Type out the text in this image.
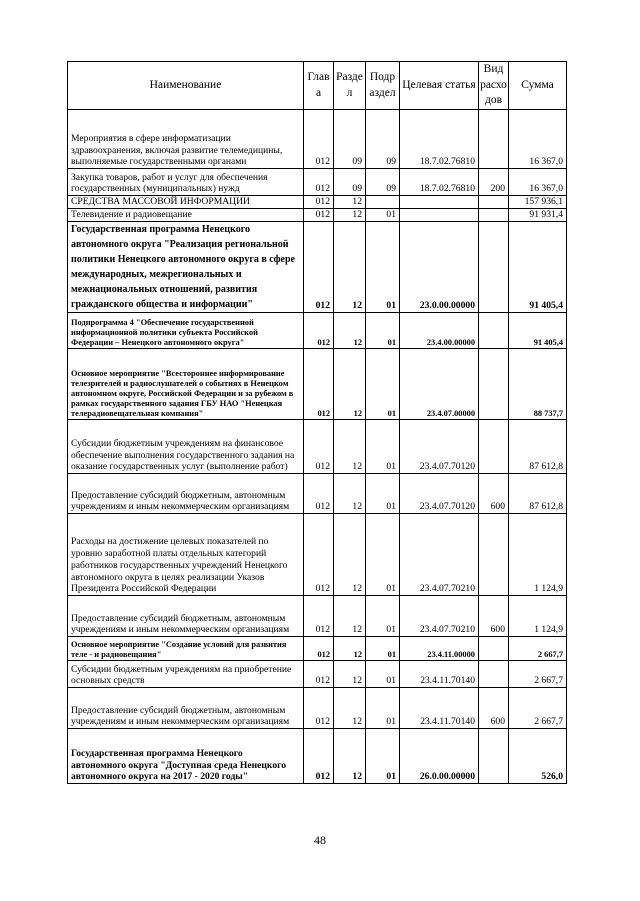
Наименование	Глав а	Разде л	Подр аздел	Целевая статья	Вид расхо дов	Сумма
Мероприятия в сфере информатизации здравоохранения, включая развитие телемедицины, выполняемые государственными органами	012	09	09	18.7.02.76810		16 367,0
Закупка товаров, работ и услуг для обеспечения государственных (муниципальных) нужд	012	09	09	18.7.02.76810	200	16 367,0
СРЕДСТВА МАССОВОЙ ИНФОРМАЦИИ	012	12				157 936,1
Телевидение и радиовещание	012	12	01			91 931,4
Государственная программа Ненецкого автономного округа "Реализация региональной политики Ненецкого автономного округа в сфере международных, межрегиональных и межнациональных отношений, развития гражданского общества и информации"	012	12	01	23.0.00.00000		91 405,4
Подпрограмма 4 "Обеспечение государственной информационной политики субъекта Российской Федерации – Ненецкого автономного округа"	012	12	01	23.4.00.00000		91 405,4
Основное мероприятие "Всестороннее информирование телезрителей и радиослушателей о событиях в Ненецком автономном округе, Российской Федерации и за рубежом в рамках государственного задания ГБУ НАО "Ненецкая телерадиовещательная компания"	012	12	01	23.4.07.00000		88 737,7
Субсидии бюджетным учреждениям на финансовое обеспечение выполнения государственного задания на оказание государственных услуг (выполнение работ)	012	12	01	23.4.07.70120		87 612,8
Предоставление субсидий бюджетным, автономным учреждениям и иным некоммерческим организациям	012	12	01	23.4.07.70120	600	87 612,8
Расходы на достижение целевых показателей по уровню заработной платы отдельных категорий работников государственных учреждений Ненецкого автономного округа в целях реализации Указов Президента Российской Федерации	012	12	01	23.4.07.70210		1 124,9
Предоставление субсидий бюджетным, автономным учреждениям и иным некоммерческим организациям	012	12	01	23.4.07.70210	600	1 124,9
Основное мероприятие "Создание условий для развития теле - и радиовещания"	012	12	01	23.4.11.00000		2 667,7
Субсидии бюджетным учреждениям на приобретение основных средств	012	12	01	23.4.11.70140		2 667,7
Предоставление субсидий бюджетным, автономным учреждениям и иным некоммерческим организациям	012	12	01	23.4.11.70140	600	2 667,7
Государственная программа Ненецкого автономного округа "Доступная среда Ненецкого автономного округа на 2017 - 2020 годы"	012	12	01	26.0.00.00000		526,0
48
